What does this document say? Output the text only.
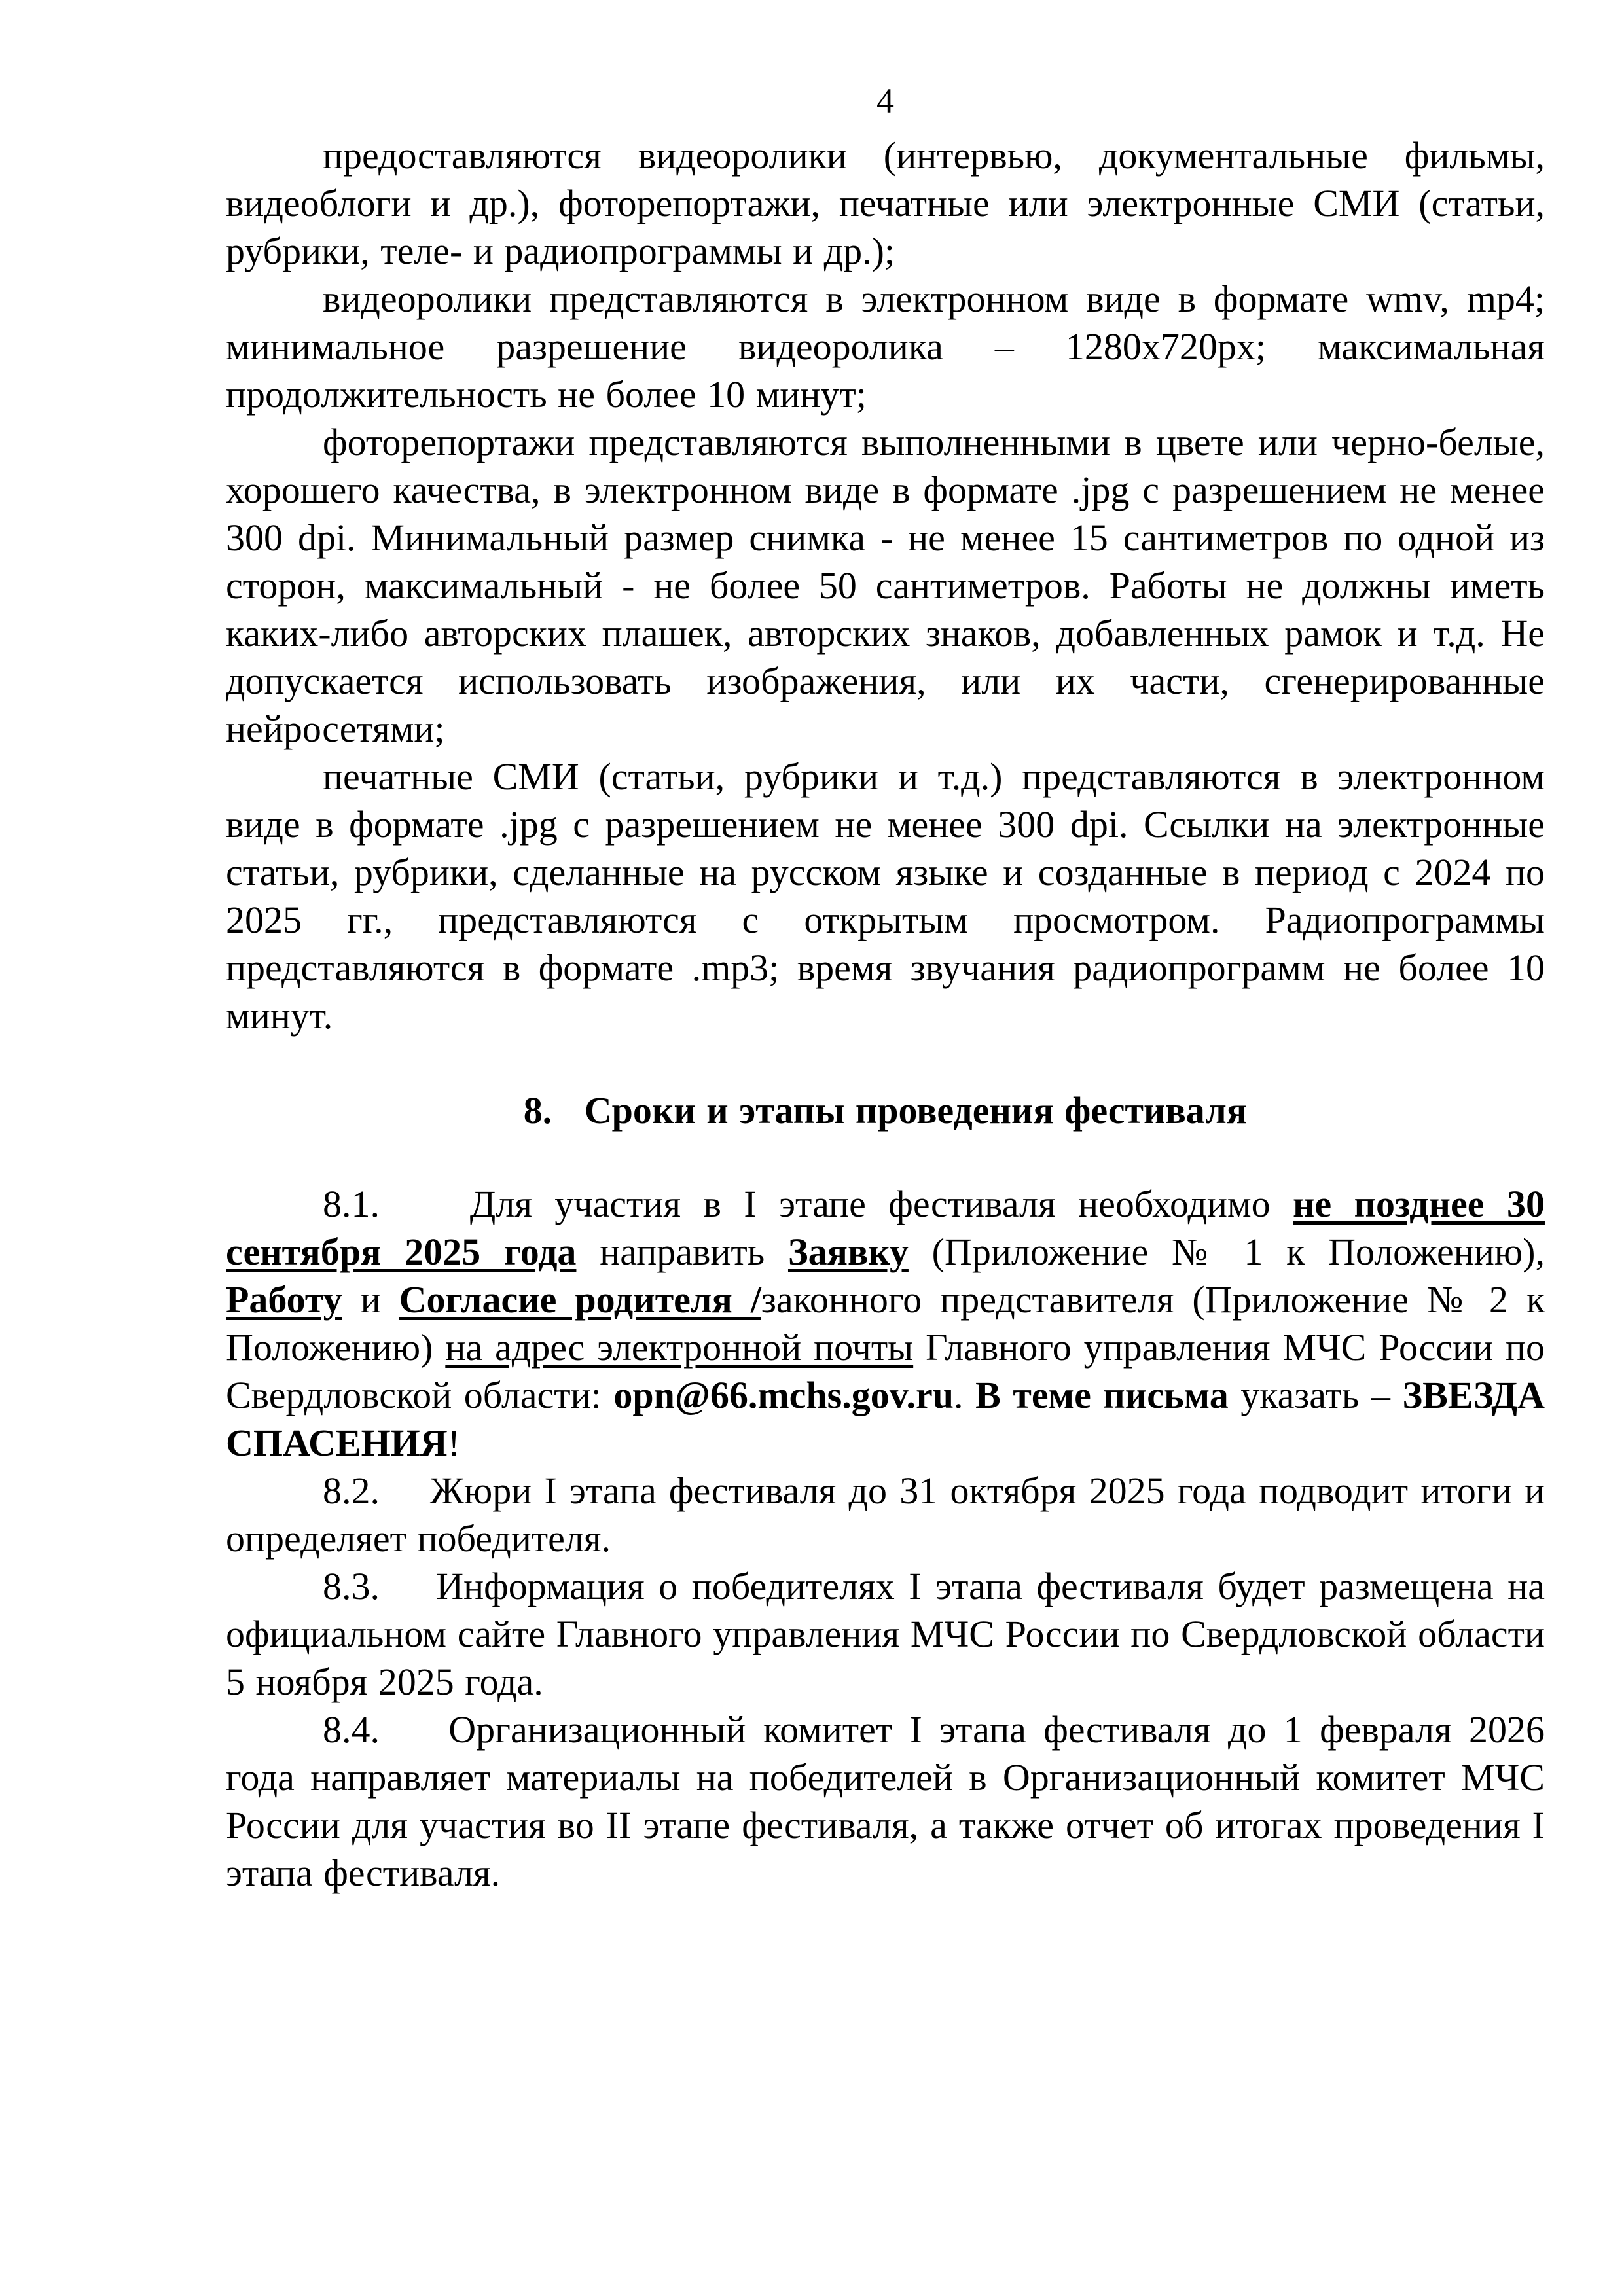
4

предоставляются видеоролики (интервью, документальные фильмы, видеоблоги и др.), фоторепортажи, печатные или электронные СМИ (статьи, рубрики, теле- и радиопрограммы и др.);

видеоролики представляются в электронном виде в формате wmv, mp4; минимальное разрешение видеоролика – 1280х720px; максимальная продолжительность не более 10 минут;

фоторепортажи представляются выполненными в цвете или черно-белые, хорошего качества, в электронном виде в формате .jpg с разрешением не менее 300 dpi. Минимальный размер снимка - не менее 15 сантиметров по одной из сторон, максимальный - не более 50 сантиметров. Работы не должны иметь каких-либо авторских плашек, авторских знаков, добавленных рамок и т.д. Не допускается использовать изображения, или их части, сгенерированные нейросетями;

печатные СМИ (статьи, рубрики и т.д.) представляются в электронном виде в формате .jpg с разрешением не менее 300 dpi. Ссылки на электронные статьи, рубрики, сделанные на русском языке и созданные в период с 2024 по 2025 гг., представляются с открытым просмотром. Радиопрограммы представляются в формате .mp3; время звучания радиопрограмм не более 10 минут.

8.   Сроки и этапы проведения фестиваля

8.1.    Для участия в I этапе фестиваля необходимо не позднее 30 сентября 2025 года направить Заявку (Приложение № 1 к Положению), Работу и Согласие родителя /законного представителя (Приложение № 2 к Положению) на адрес электронной почты Главного управления МЧС России по Свердловской области: opn@66.mchs.gov.ru. В теме письма указать – ЗВЕЗДА СПАСЕНИЯ!

8.2.    Жюри I этапа фестиваля до 31 октября 2025 года подводит итоги и определяет победителя.

8.3.    Информация о победителях I этапа фестиваля будет размещена на официальном сайте Главного управления МЧС России по Свердловской области 5 ноября 2025 года.

8.4.    Организационный комитет I этапа фестиваля до 1 февраля 2026 года направляет материалы на победителей в Организационный комитет МЧС России для участия во II этапе фестиваля, а также отчет об итогах проведения I этапа фестиваля.
